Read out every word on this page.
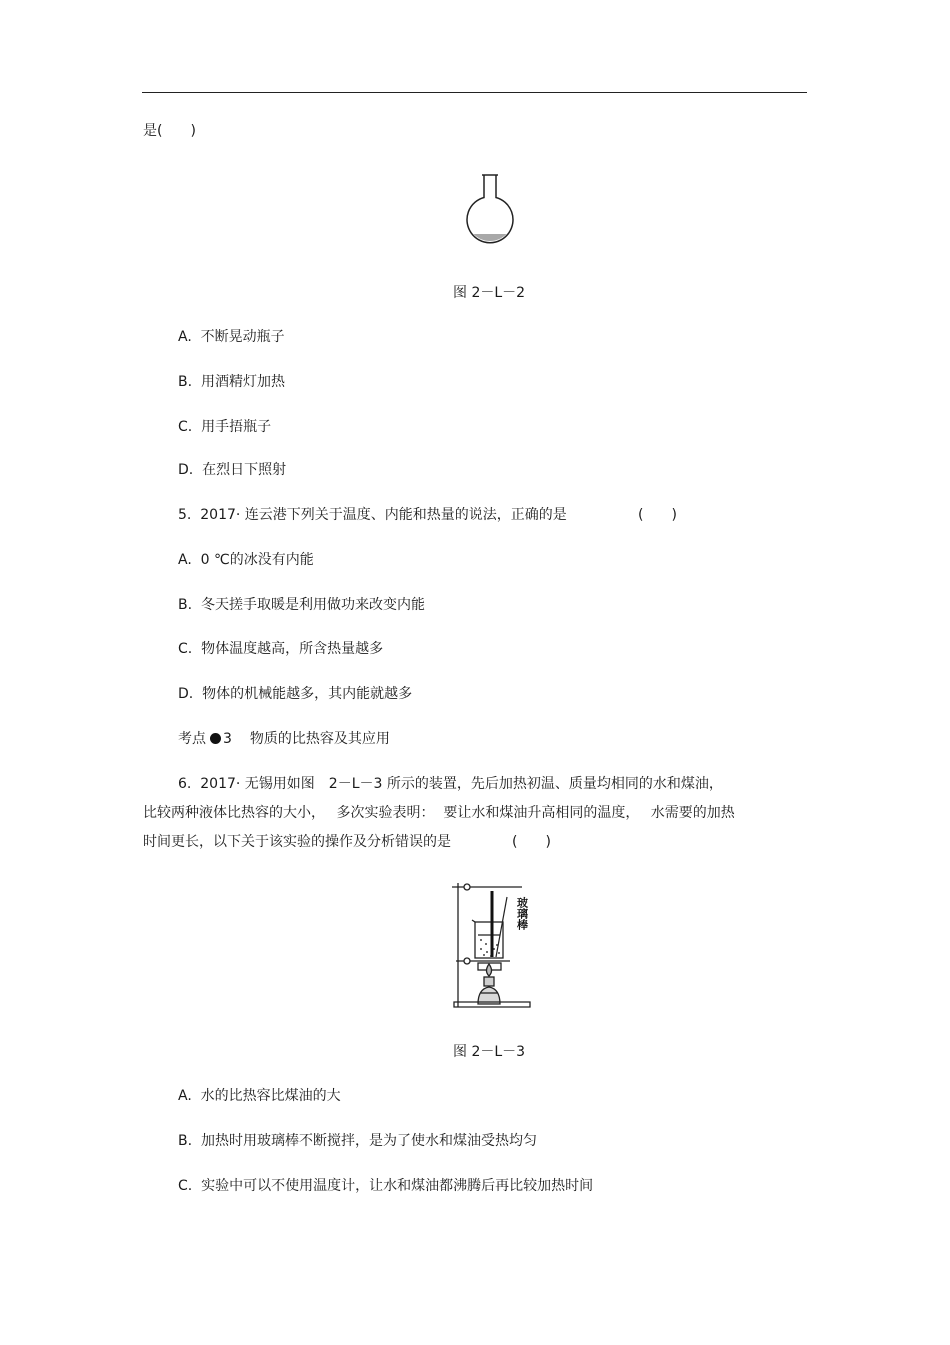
是(　　)
图 2－L－2
A.  不断晃动瓶子
B.  用酒精灯加热
C.  用手捂瓶子
D.  在烈日下照射
5.  2017· 连云港下列关于温度、内能和热量的说法，正确的是	(　　)
A.  0 ℃的冰没有内能
B.  冬天搓手取暖是利用做功来改变内能
C.  物体温度越高，所含热量越多
D.  物体的机械能越多，其内能就越多
考点 3 物质的比热容及其应用
6.  2017· 无锡用如图　2－L－3 所示的装置，先后加热初温、质量均相同的水和煤油，
比较两种液体比热容的大小，　 多次实验表明：  要让水和煤油升高相同的温度，　 水需要的加热
时间更长，以下关于该实验的操作及分析错误的是	(　　)
玻璃棒
图 2－L－3
A.  水的比热容比煤油的大
B.  加热时用玻璃棒不断搅拌，是为了使水和煤油受热均匀
C.  实验中可以不使用温度计，让水和煤油都沸腾后再比较加热时间
